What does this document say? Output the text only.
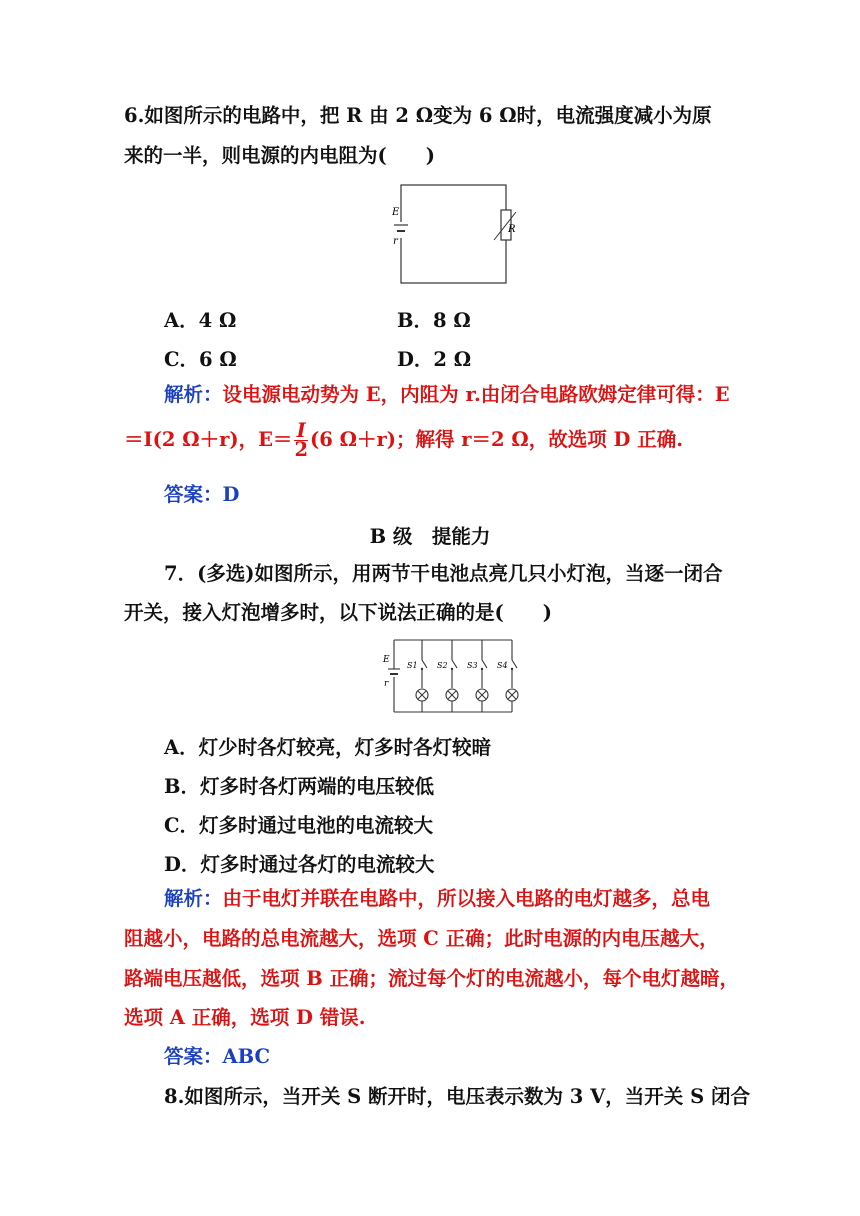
6.如图所示的电路中，把 R 由 2 Ω变为 6 Ω时，电流强度减小为原
来的一半，则电源的内电阻为(　　)
E
r
R
A．4 Ω	B．8 Ω
C．6 Ω	D．2 Ω
解析：设电源电动势为 E，内阻为 r.由闭合电路欧姆定律可得：E
＝I(2 Ω＋r)，$E= \frac{I}{2} (6$ Ω＋r)；解得 r＝2 Ω，故选项 D 正确.
答案：D
B 级　提能力
7．(多选)如图所示，用两节干电池点亮几只小灯泡，当逐一闭合
开关，接入灯泡增多时，以下说法正确的是(　　)
E
r
S1 S2 S3 S4
A．灯少时各灯较亮，灯多时各灯较暗
B．灯多时各灯两端的电压较低
C．灯多时通过电池的电流较大
D．灯多时通过各灯的电流较大
解析：由于电灯并联在电路中，所以接入电路的电灯越多，总电
阻越小，电路的总电流越大，选项 C 正确；此时电源的内电压越大，
路端电压越低，选项 B 正确；流过每个灯的电流越小，每个电灯越暗，
选项 A 正确，选项 D 错误.
答案：ABC
8.如图所示，当开关 S 断开时，电压表示数为 3 V，当开关 S 闭合
